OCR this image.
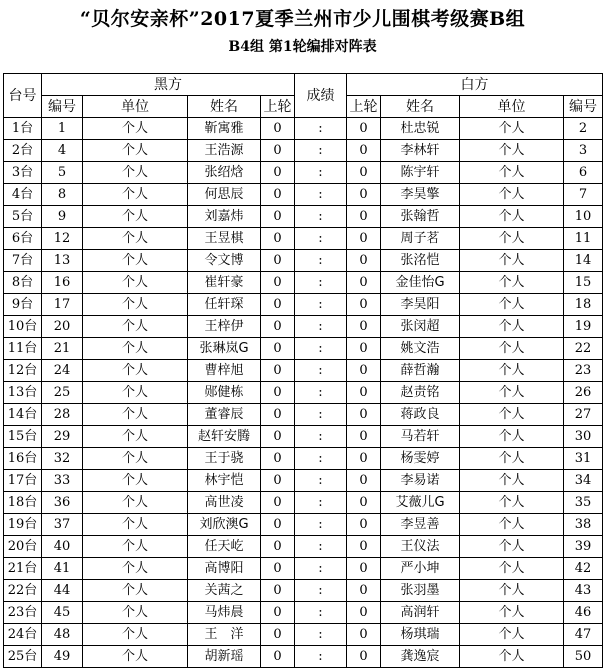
“贝尔安亲杯”2017夏季兰州市少儿围棋考级赛B组
B4组 第1轮编排对阵表
台号	黑方				成绩	白方			
	编号	单位	姓名	上轮		上轮	姓名	单位	编号
1台	1	个人	靳寓雅	0	:	0	杜忠锐	个人	2
2台	4	个人	王浩源	0	:	0	李林轩	个人	3
3台	5	个人	张绍焓	0	:	0	陈宇轩	个人	6
4台	8	个人	何思辰	0	:	0	李昊擎	个人	7
5台	9	个人	刘嘉炜	0	:	0	张翰哲	个人	10
6台	12	个人	王昱棋	0	:	0	周子茗	个人	11
7台	13	个人	令文博	0	:	0	张洺恺	个人	14
8台	16	个人	崔轩豪	0	:	0	金佳怡G	个人	15
9台	17	个人	任轩琛	0	:	0	李昊阳	个人	18
10台	20	个人	王梓伊	0	:	0	张闵超	个人	19
11台	21	个人	张琳岚G	0	:	0	姚文浩	个人	22
12台	24	个人	曹梓旭	0	:	0	薛哲瀚	个人	23
13台	25	个人	郧健栋	0	:	0	赵责铭	个人	26
14台	28	个人	董睿辰	0	:	0	蒋政良	个人	27
15台	29	个人	赵轩安腾	0	:	0	马若轩	个人	30
16台	32	个人	王于骁	0	:	0	杨雯婷	个人	31
17台	33	个人	林宇恺	0	:	0	李易诺	个人	34
18台	36	个人	高世凌	0	:	0	艾薇儿G	个人	35
19台	37	个人	刘欣澳G	0	:	0	李昱善	个人	38
20台	40	个人	任天屹	0	:	0	王仪法	个人	39
21台	41	个人	高博阳	0	:	0	严小坤	个人	42
22台	44	个人	关茜之	0	:	0	张羽墨	个人	43
23台	45	个人	马炜晨	0	:	0	高润轩	个人	46
24台	48	个人	王　洋	0	:	0	杨琪瑞	个人	47
25台	49	个人	胡新瑶	0	:	0	龚逸宸	个人	50
